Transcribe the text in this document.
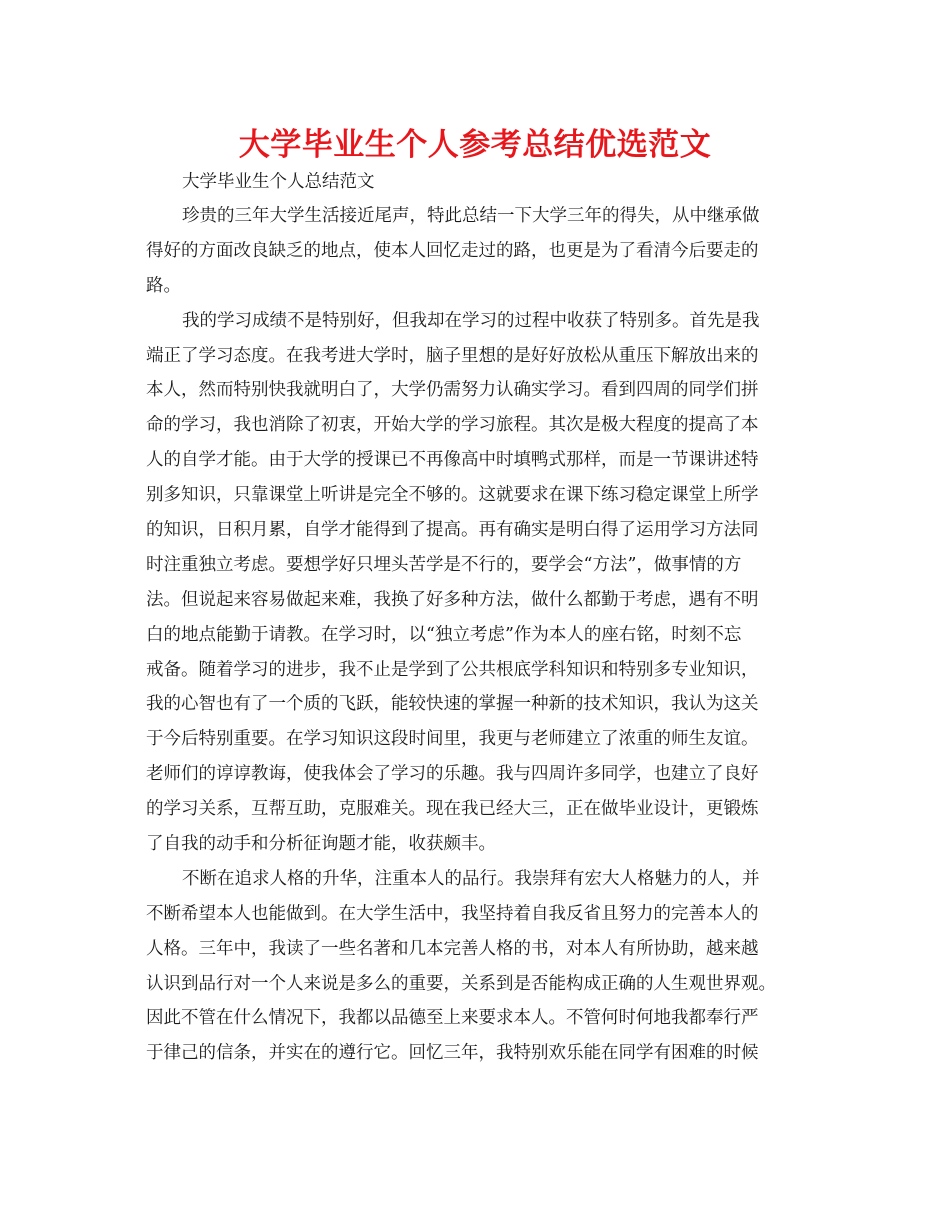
大学毕业生个人参考总结优选范文
大学毕业生个人总结范文
珍贵的三年大学生活接近尾声，特此总结一下大学三年的得失，从中继承做
得好的方面改良缺乏的地点，使本人回忆走过的路，也更是为了看清今后要走的
路。
我的学习成绩不是特别好，但我却在学习的过程中收获了特别多。首先是我
端正了学习态度。在我考进大学时，脑子里想的是好好放松从重压下解放出来的
本人，然而特别快我就明白了，大学仍需努力认确实学习。看到四周的同学们拼
命的学习，我也消除了初衷，开始大学的学习旅程。其次是极大程度的提高了本
人的自学才能。由于大学的授课已不再像高中时填鸭式那样，而是一节课讲述特
别多知识，只靠课堂上听讲是完全不够的。这就要求在课下练习稳定课堂上所学
的知识，日积月累，自学才能得到了提高。再有确实是明白得了运用学习方法同
时注重独立考虑。要想学好只埋头苦学是不行的，要学会“方法”，做事情的方
法。但说起来容易做起来难，我换了好多种方法，做什么都勤于考虑，遇有不明
白的地点能勤于请教。在学习时，以“独立考虑”作为本人的座右铭，时刻不忘
戒备。随着学习的进步，我不止是学到了公共根底学科知识和特别多专业知识，
我的心智也有了一个质的飞跃，能较快速的掌握一种新的技术知识，我认为这关
于今后特别重要。在学习知识这段时间里，我更与老师建立了浓重的师生友谊。
老师们的谆谆教诲，使我体会了学习的乐趣。我与四周许多同学，也建立了良好
的学习关系，互帮互助，克服难关。现在我已经大三，正在做毕业设计，更锻炼
了自我的动手和分析征询题才能，收获颇丰。
不断在追求人格的升华，注重本人的品行。我崇拜有宏大人格魅力的人，并
不断希望本人也能做到。在大学生活中，我坚持着自我反省且努力的完善本人的
人格。三年中，我读了一些名著和几本完善人格的书，对本人有所协助，越来越
认识到品行对一个人来说是多么的重要，关系到是否能构成正确的人生观世界观。
因此不管在什么情况下，我都以品德至上来要求本人。不管何时何地我都奉行严
于律己的信条，并实在的遵行它。回忆三年，我特别欢乐能在同学有困难的时候
